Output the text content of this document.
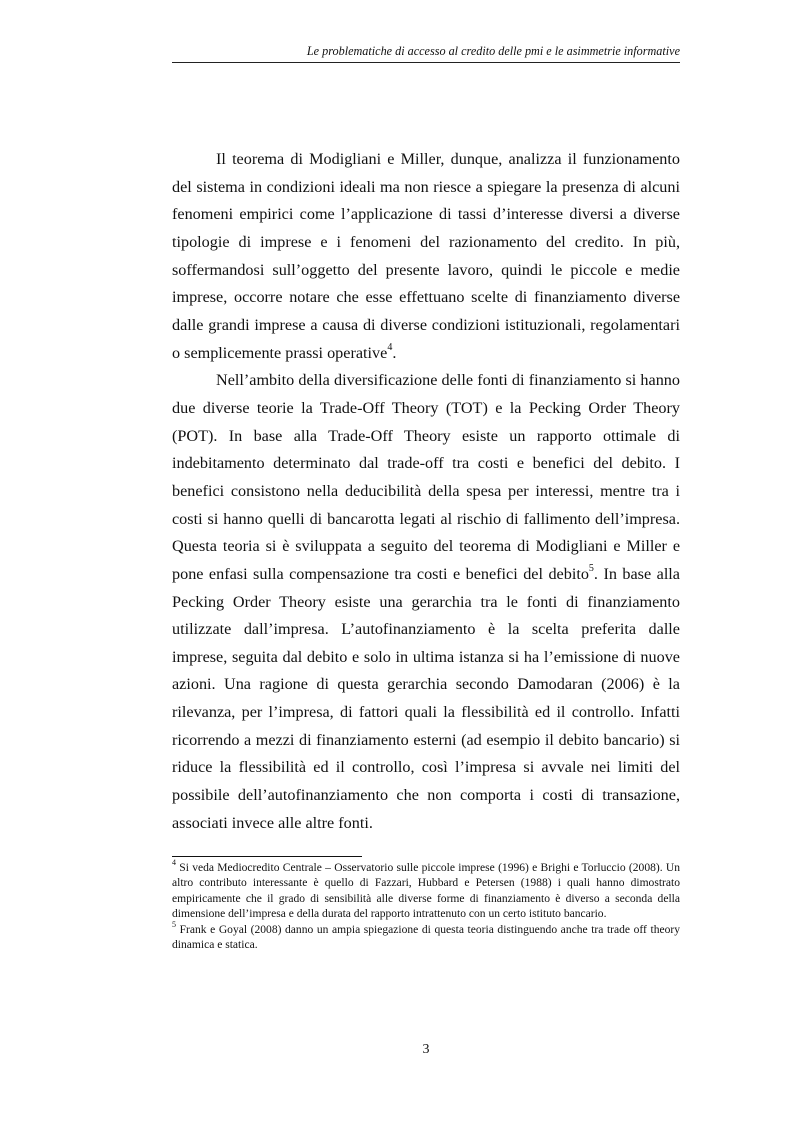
Le problematiche di accesso al credito delle pmi e le asimmetrie informative

Il teorema di Modigliani e Miller, dunque, analizza il funzionamento del sistema in condizioni ideali ma non riesce a spiegare la presenza di alcuni fenomeni empirici come l’applicazione di tassi d’interesse diversi a diverse tipologie di imprese e i fenomeni del razionamento del credito. In più, soffermandosi sull’oggetto del presente lavoro, quindi le piccole e medie imprese, occorre notare che esse effettuano scelte di finanziamento diverse dalle grandi imprese a causa di diverse condizioni istituzionali, regolamentari o semplicemente prassi operative$^4$.

Nell’ambito della diversificazione delle fonti di finanziamento si hanno due diverse teorie la Trade-Off Theory (TOT) e la Pecking Order Theory (POT). In base alla Trade-Off Theory esiste un rapporto ottimale di indebitamento determinato dal trade-off tra costi e benefici del debito. I benefici consistono nella deducibilità della spesa per interessi, mentre tra i costi si hanno quelli di bancarotta legati al rischio di fallimento dell’impresa. Questa teoria si è sviluppata a seguito del teorema di Modigliani e Miller e pone enfasi sulla compensazione tra costi e benefici del debito$^5$. In base alla Pecking Order Theory esiste una gerarchia tra le fonti di finanziamento utilizzate dall’impresa. L’autofinanziamento è la scelta preferita dalle imprese, seguita dal debito e solo in ultima istanza si ha l’emissione di nuove azioni. Una ragione di questa gerarchia secondo Damodaran (2006) è la rilevanza, per l’impresa, di fattori quali la flessibilità ed il controllo. Infatti ricorrendo a mezzi di finanziamento esterni (ad esempio il debito bancario) si riduce la flessibilità ed il controllo, così l’impresa si avvale nei limiti del possibile dell’autofinanziamento che non comporta i costi di transazione, associati invece alle altre fonti.

$^4$ Si veda Mediocredito Centrale – Osservatorio sulle piccole imprese (1996) e Brighi e Torluccio (2008). Un altro contributo interessante è quello di Fazzari, Hubbard e Petersen (1988) i quali hanno dimostrato empiricamente che il grado di sensibilità alle diverse forme di finanziamento è diverso a seconda della dimensione dell’impresa e della durata del rapporto intrattenuto con un certo istituto bancario.

$^5$ Frank e Goyal (2008) danno un ampia spiegazione di questa teoria distinguendo anche tra trade off theory dinamica e statica.

3
